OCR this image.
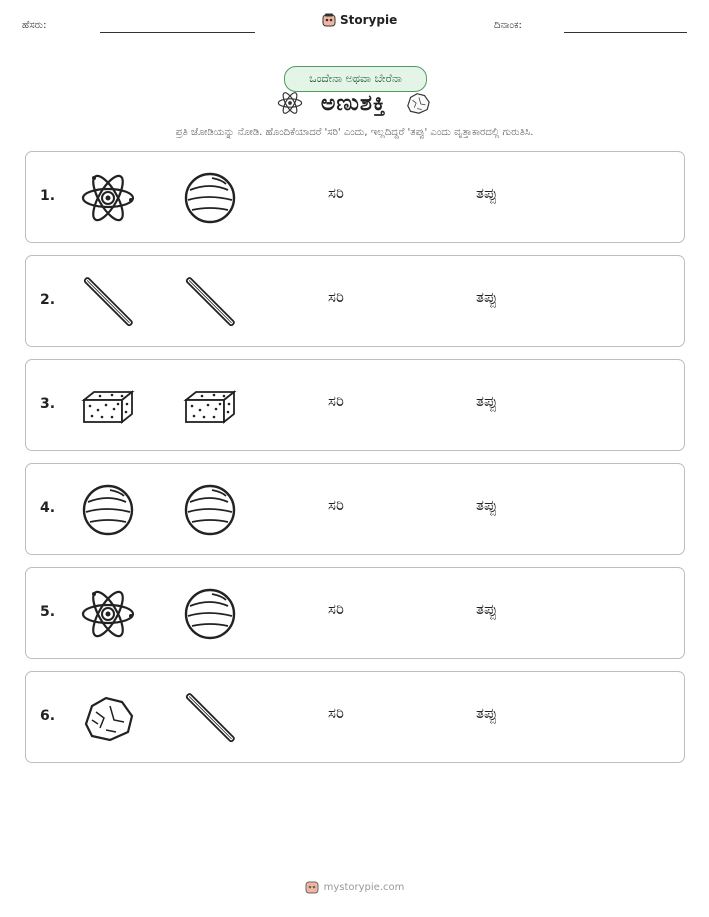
ಹೆಸರು:	Storypie	ದಿನಾಂಕ:
ಒಂದೇನಾ ಅಥವಾ ಬೇರೆನಾ
ಅಣುಶಕ್ತಿ
ಪ್ರತಿ ಜೋಡಿಯನ್ನು ನೋಡಿ. ಹೊಂದಿಕೆಯಾದರೆ 'ಸರಿ' ಎಂದು, ಇಲ್ಲದಿದ್ದರೆ 'ತಪ್ಪು' ಎಂದು ವೃತ್ತಾಕಾರದಲ್ಲಿ ಗುರುತಿಸಿ.
1.	ಸರಿ	ತಪ್ಪು
2.	ಸರಿ	ತಪ್ಪು
3.	ಸರಿ	ತಪ್ಪು
4.	ಸರಿ	ತಪ್ಪು
5.	ಸರಿ	ತಪ್ಪು
6.	ಸರಿ	ತಪ್ಪು
mystorypie.com
